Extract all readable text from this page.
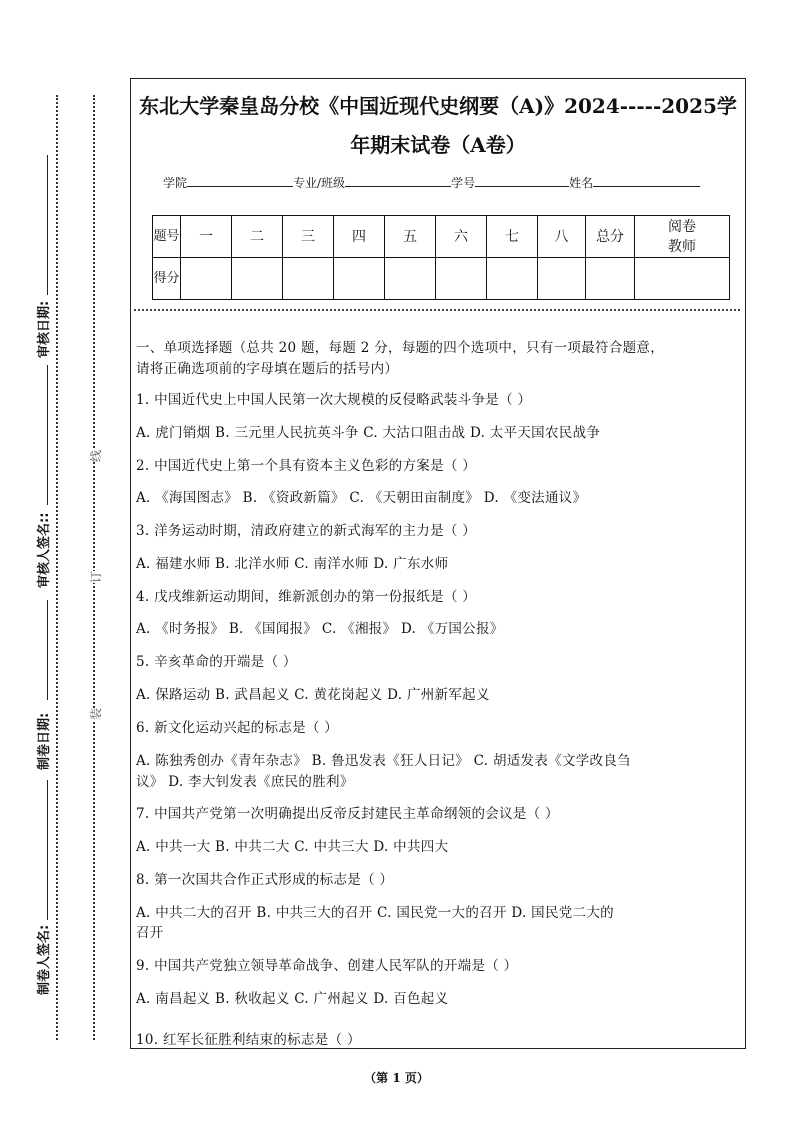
审核日期:
审核人签名::
制卷日期:
制卷人签名:
线
订
装
东北大学秦皇岛分校《中国近现代史纲要（A)》2024-----2025学
年期末试卷（A卷）
学院	专业/班级	学号	姓名
题号	一	二	三	四	五	六	七	八	总分	阅卷
教师
得分										
一、单项选择题（总共 20 题，每题 2 分，每题的四个选项中，只有一项最符合题意，
请将正确选项前的字母填在题后的括号内）
1. 中国近代史上中国人民第一次大规模的反侵略武装斗争是（ ）
A. 虎门销烟 B. 三元里人民抗英斗争 C. 大沽口阻击战 D. 太平天国农民战争
2. 中国近代史上第一个具有资本主义色彩的方案是（ ）
A. 《海国图志》 B. 《资政新篇》 C. 《天朝田亩制度》 D. 《变法通议》
3. 洋务运动时期，清政府建立的新式海军的主力是（ ）
A. 福建水师 B. 北洋水师 C. 南洋水师 D. 广东水师
4. 戊戌维新运动期间，维新派创办的第一份报纸是（ ）
A. 《时务报》 B. 《国闻报》 C. 《湘报》 D. 《万国公报》
5. 辛亥革命的开端是（ ）
A. 保路运动 B. 武昌起义 C. 黄花岗起义 D. 广州新军起义
6. 新文化运动兴起的标志是（ ）
A. 陈独秀创办《青年杂志》 B. 鲁迅发表《狂人日记》 C. 胡适发表《文学改良刍
议》 D. 李大钊发表《庶民的胜利》
7. 中国共产党第一次明确提出反帝反封建民主革命纲领的会议是（ ）
A. 中共一大 B. 中共二大 C. 中共三大 D. 中共四大
8. 第一次国共合作正式形成的标志是（ ）
A. 中共二大的召开 B. 中共三大的召开 C. 国民党一大的召开 D. 国民党二大的
召开
9. 中国共产党独立领导革命战争、创建人民军队的开端是（ ）
A. 南昌起义 B. 秋收起义 C. 广州起义 D. 百色起义
10. 红军长征胜利结束的标志是（ ）
（第 1 页）
